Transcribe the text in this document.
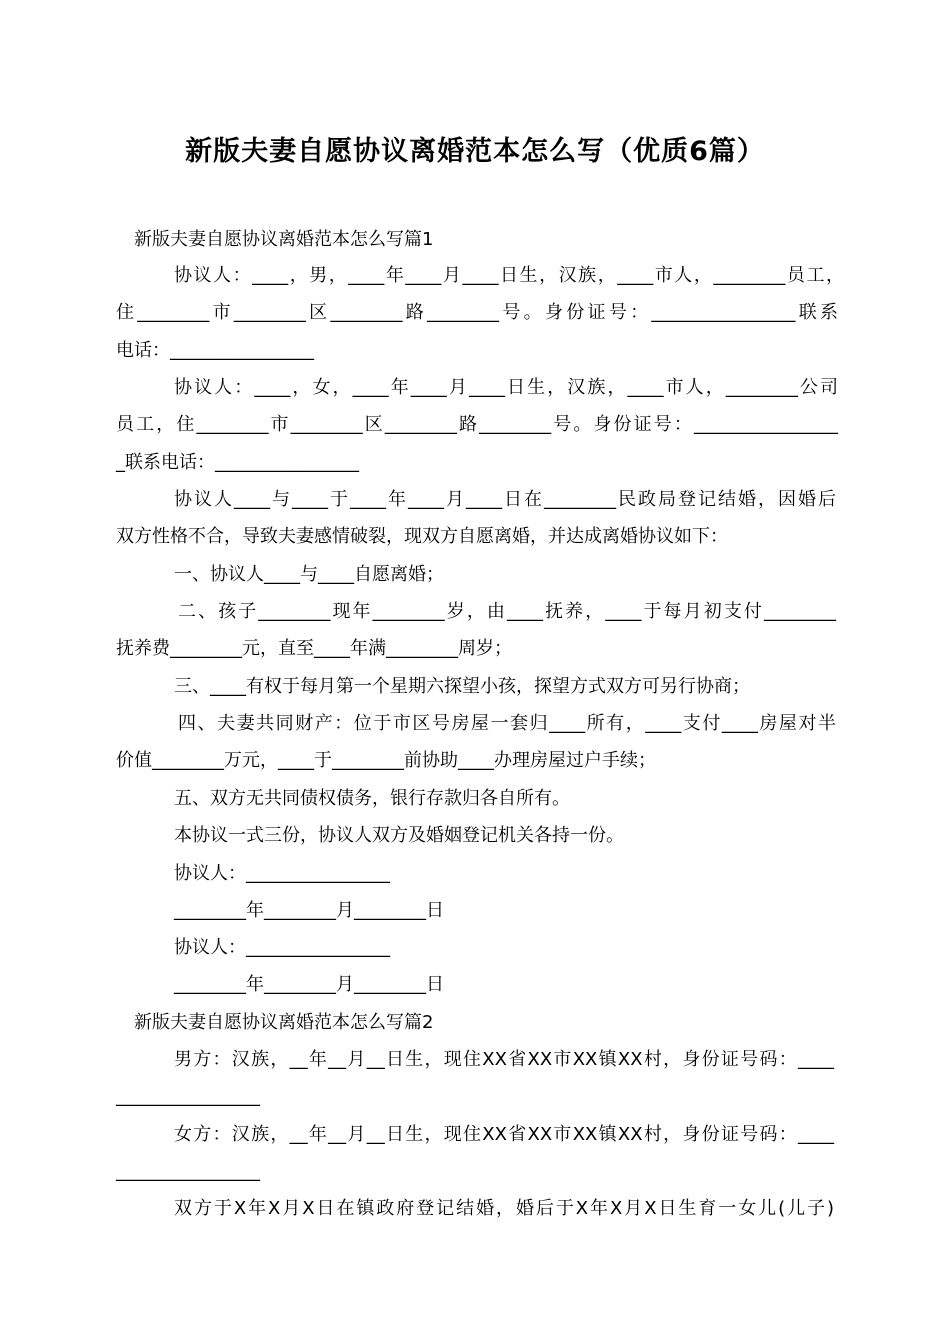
新版夫妻自愿协议离婚范本怎么写（优质6篇）
新版夫妻自愿协议离婚范本怎么写篇1
协议人：____，男，____年____月____日生，汉族，____市人，________员工，
住________市________区________路________号。身份证号：________________联系
电话：________________
协议人：____，女，____年____月____日生，汉族，____市人，________公司
员工，住________市________区________路________号。身份证号：________________
_联系电话：________________
协议人____与____于____年____月____日在________民政局登记结婚，因婚后
双方性格不合，导致夫妻感情破裂，现双方自愿离婚，并达成离婚协议如下：
一、协议人____与____自愿离婚；
二、孩子________现年________岁，由____抚养，____于每月初支付________
抚养费________元，直至____年满________周岁；
三、____有权于每月第一个星期六探望小孩，探望方式双方可另行协商；
四、夫妻共同财产：位于市区号房屋一套归____所有，____支付____房屋对半
价值________万元，____于________前协助____办理房屋过户手续；
五、双方无共同债权债务，银行存款归各自所有。
本协议一式三份，协议人双方及婚姻登记机关各持一份。
协议人：________________
________年________月________日
协议人：________________
________年________月________日
新版夫妻自愿协议离婚范本怎么写篇2
男方：汉族，__年__月__日生，现住XX省XX市XX镇XX村，身份证号码：____
________________
女方：汉族，__年__月__日生，现住XX省XX市XX镇XX村，身份证号码：____
________________
双方于X年X月X日在镇政府登记结婚，婚后于X年X月X日生育一女儿(儿子)
